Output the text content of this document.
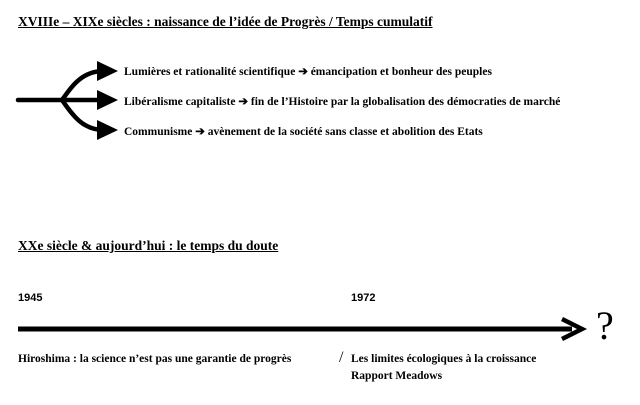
XVIIIe – XIXe siècles : naissance de l’idée de Progrès / Temps cumulatif
Lumières et rationalité scientifique ➔ émancipation et bonheur des peuples
Libéralisme capitaliste ➔ fin de l’Histoire par la globalisation des démocraties de marché
Communisme ➔ avènement de la société sans classe et abolition des Etats
XXe siècle & aujourd’hui : le temps du doute
1945	1972
?
Hiroshima : la science n’est pas une garantie de progrès	/ Les limites écologiques à la croissance
Rapport Meadows
